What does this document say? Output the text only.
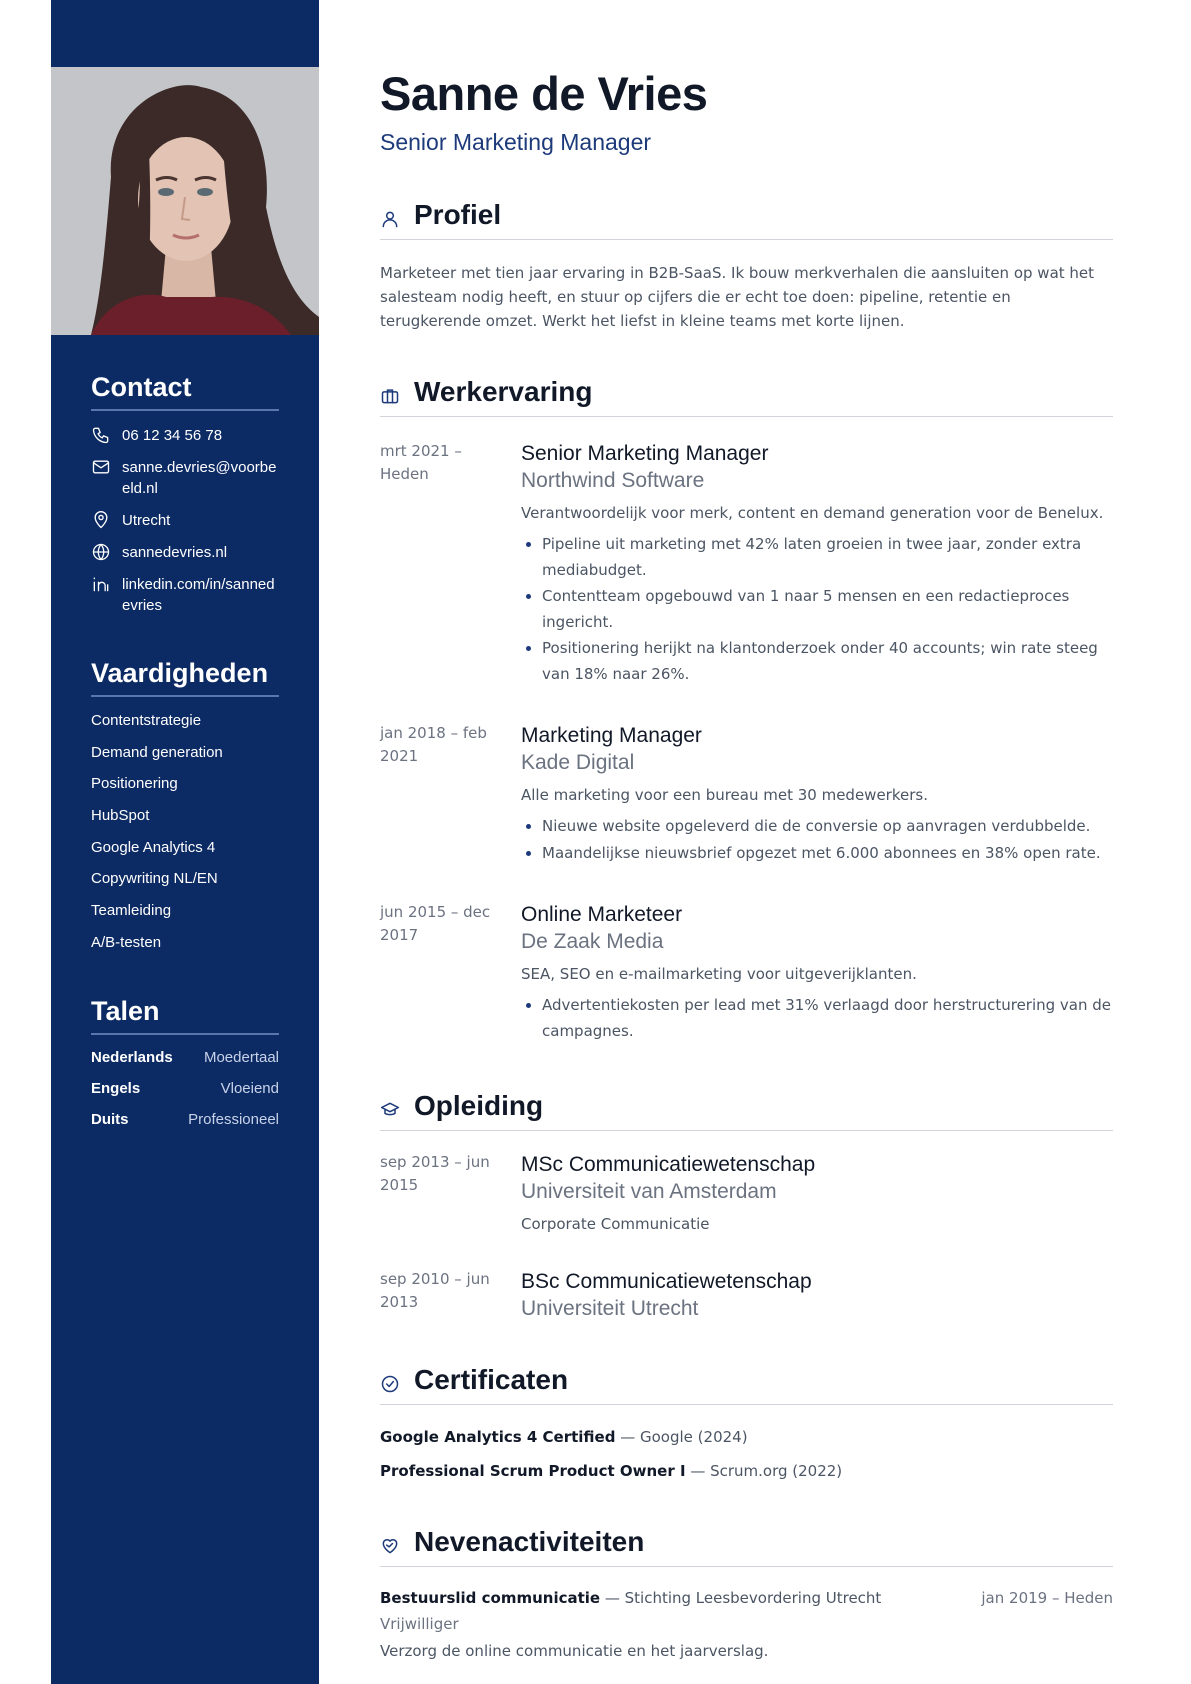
Contact
06 12 34 56 78
sanne.devries@voorbeeld.nl
Utrecht
sannedevries.nl
linkedin.com/in/sannedevries
Vaardigheden
Contentstrategie
Demand generation
Positionering
HubSpot
Google Analytics 4
Copywriting NL/EN
Teamleiding
A/B-testen
Talen
Nederlands Moedertaal
Engels	Vloeiend
Duits	Professioneel
Sanne de Vries
Senior Marketing Manager
Profiel

Marketeer met tien jaar ervaring in B2B-SaaS. Ik bouw merkverhalen die aansluiten op wat het salesteam nodig heeft, en stuur op cijfers die er echt toe doen: pipeline, retentie en terugkerende omzet. Werkt het liefst in kleine teams met korte lijnen.

Werkervaring
mrt 2021 – Heden
Senior Marketing Manager
Northwind Software
Verantwoordelijk voor merk, content en demand generation voor de Benelux.
• Pipeline uit marketing met 42% laten groeien in twee jaar, zonder extra mediabudget.
• Contentteam opgebouwd van 1 naar 5 mensen en een redactieproces ingericht.
• Positionering herijkt na klantonderzoek onder 40 accounts; win rate steeg van 18% naar 26%.
jan 2018 – feb 2021
Marketing Manager
Kade Digital
Alle marketing voor een bureau met 30 medewerkers.
• Nieuwe website opgeleverd die de conversie op aanvragen verdubbelde.
• Maandelijkse nieuwsbrief opgezet met 6.000 abonnees en 38% open rate.
jun 2015 – dec 2017
Online Marketeer
De Zaak Media
SEA, SEO en e-mailmarketing voor uitgeverijklanten.
• Advertentiekosten per lead met 31% verlaagd door herstructurering van de campagnes.
Opleiding
sep 2013 – jun 2015
MSc Communicatiewetenschap
Universiteit van Amsterdam
Corporate Communicatie
sep 2010 – jun 2013
BSc Communicatiewetenschap
Universiteit Utrecht
Certificaten
Google Analytics 4 Certified — Google (2024)
Professional Scrum Product Owner I — Scrum.org (2022)
Nevenactiviteiten
Bestuurslid communicatie — Stichting Leesbevordering Utrecht	jan 2019 – Heden
Vrijwilliger
Verzorg de online communicatie en het jaarverslag.
